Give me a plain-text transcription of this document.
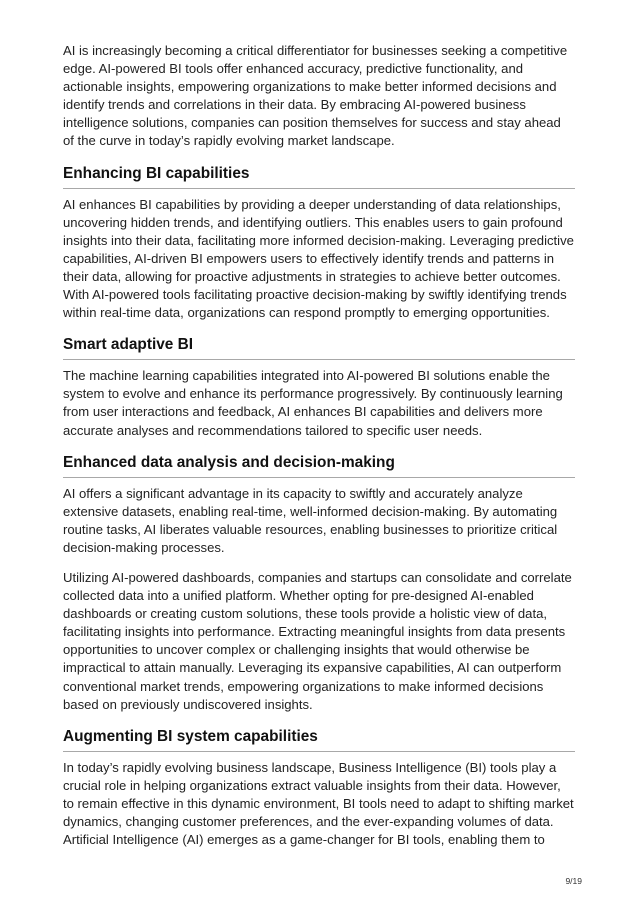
AI is increasingly becoming a critical differentiator for businesses seeking a competitive edge. AI-powered BI tools offer enhanced accuracy, predictive functionality, and actionable insights, empowering organizations to make better informed decisions and identify trends and correlations in their data. By embracing AI-powered business intelligence solutions, companies can position themselves for success and stay ahead of the curve in today’s rapidly evolving market landscape.

Enhancing BI capabilities

AI enhances BI capabilities by providing a deeper understanding of data relationships, uncovering hidden trends, and identifying outliers. This enables users to gain profound insights into their data, facilitating more informed decision-making. Leveraging predictive capabilities, AI-driven BI empowers users to effectively identify trends and patterns in their data, allowing for proactive adjustments in strategies to achieve better outcomes. With AI-powered tools facilitating proactive decision-making by swiftly identifying trends within real-time data, organizations can respond promptly to emerging opportunities.

Smart adaptive BI

The machine learning capabilities integrated into AI-powered BI solutions enable the system to evolve and enhance its performance progressively. By continuously learning from user interactions and feedback, AI enhances BI capabilities and delivers more accurate analyses and recommendations tailored to specific user needs.

Enhanced data analysis and decision-making

AI offers a significant advantage in its capacity to swiftly and accurately analyze extensive datasets, enabling real-time, well-informed decision-making. By automating routine tasks, AI liberates valuable resources, enabling businesses to prioritize critical decision-making processes.

Utilizing AI-powered dashboards, companies and startups can consolidate and correlate collected data into a unified platform. Whether opting for pre-designed AI-enabled dashboards or creating custom solutions, these tools provide a holistic view of data, facilitating insights into performance. Extracting meaningful insights from data presents opportunities to uncover complex or challenging insights that would otherwise be impractical to attain manually. Leveraging its expansive capabilities, AI can outperform conventional market trends, empowering organizations to make informed decisions based on previously undiscovered insights.

Augmenting BI system capabilities

In today’s rapidly evolving business landscape, Business Intelligence (BI) tools play a crucial role in helping organizations extract valuable insights from their data. However, to remain effective in this dynamic environment, BI tools need to adapt to shifting market dynamics, changing customer preferences, and the ever-expanding volumes of data. Artificial Intelligence (AI) emerges as a game-changer for BI tools, enabling them to

9/19
